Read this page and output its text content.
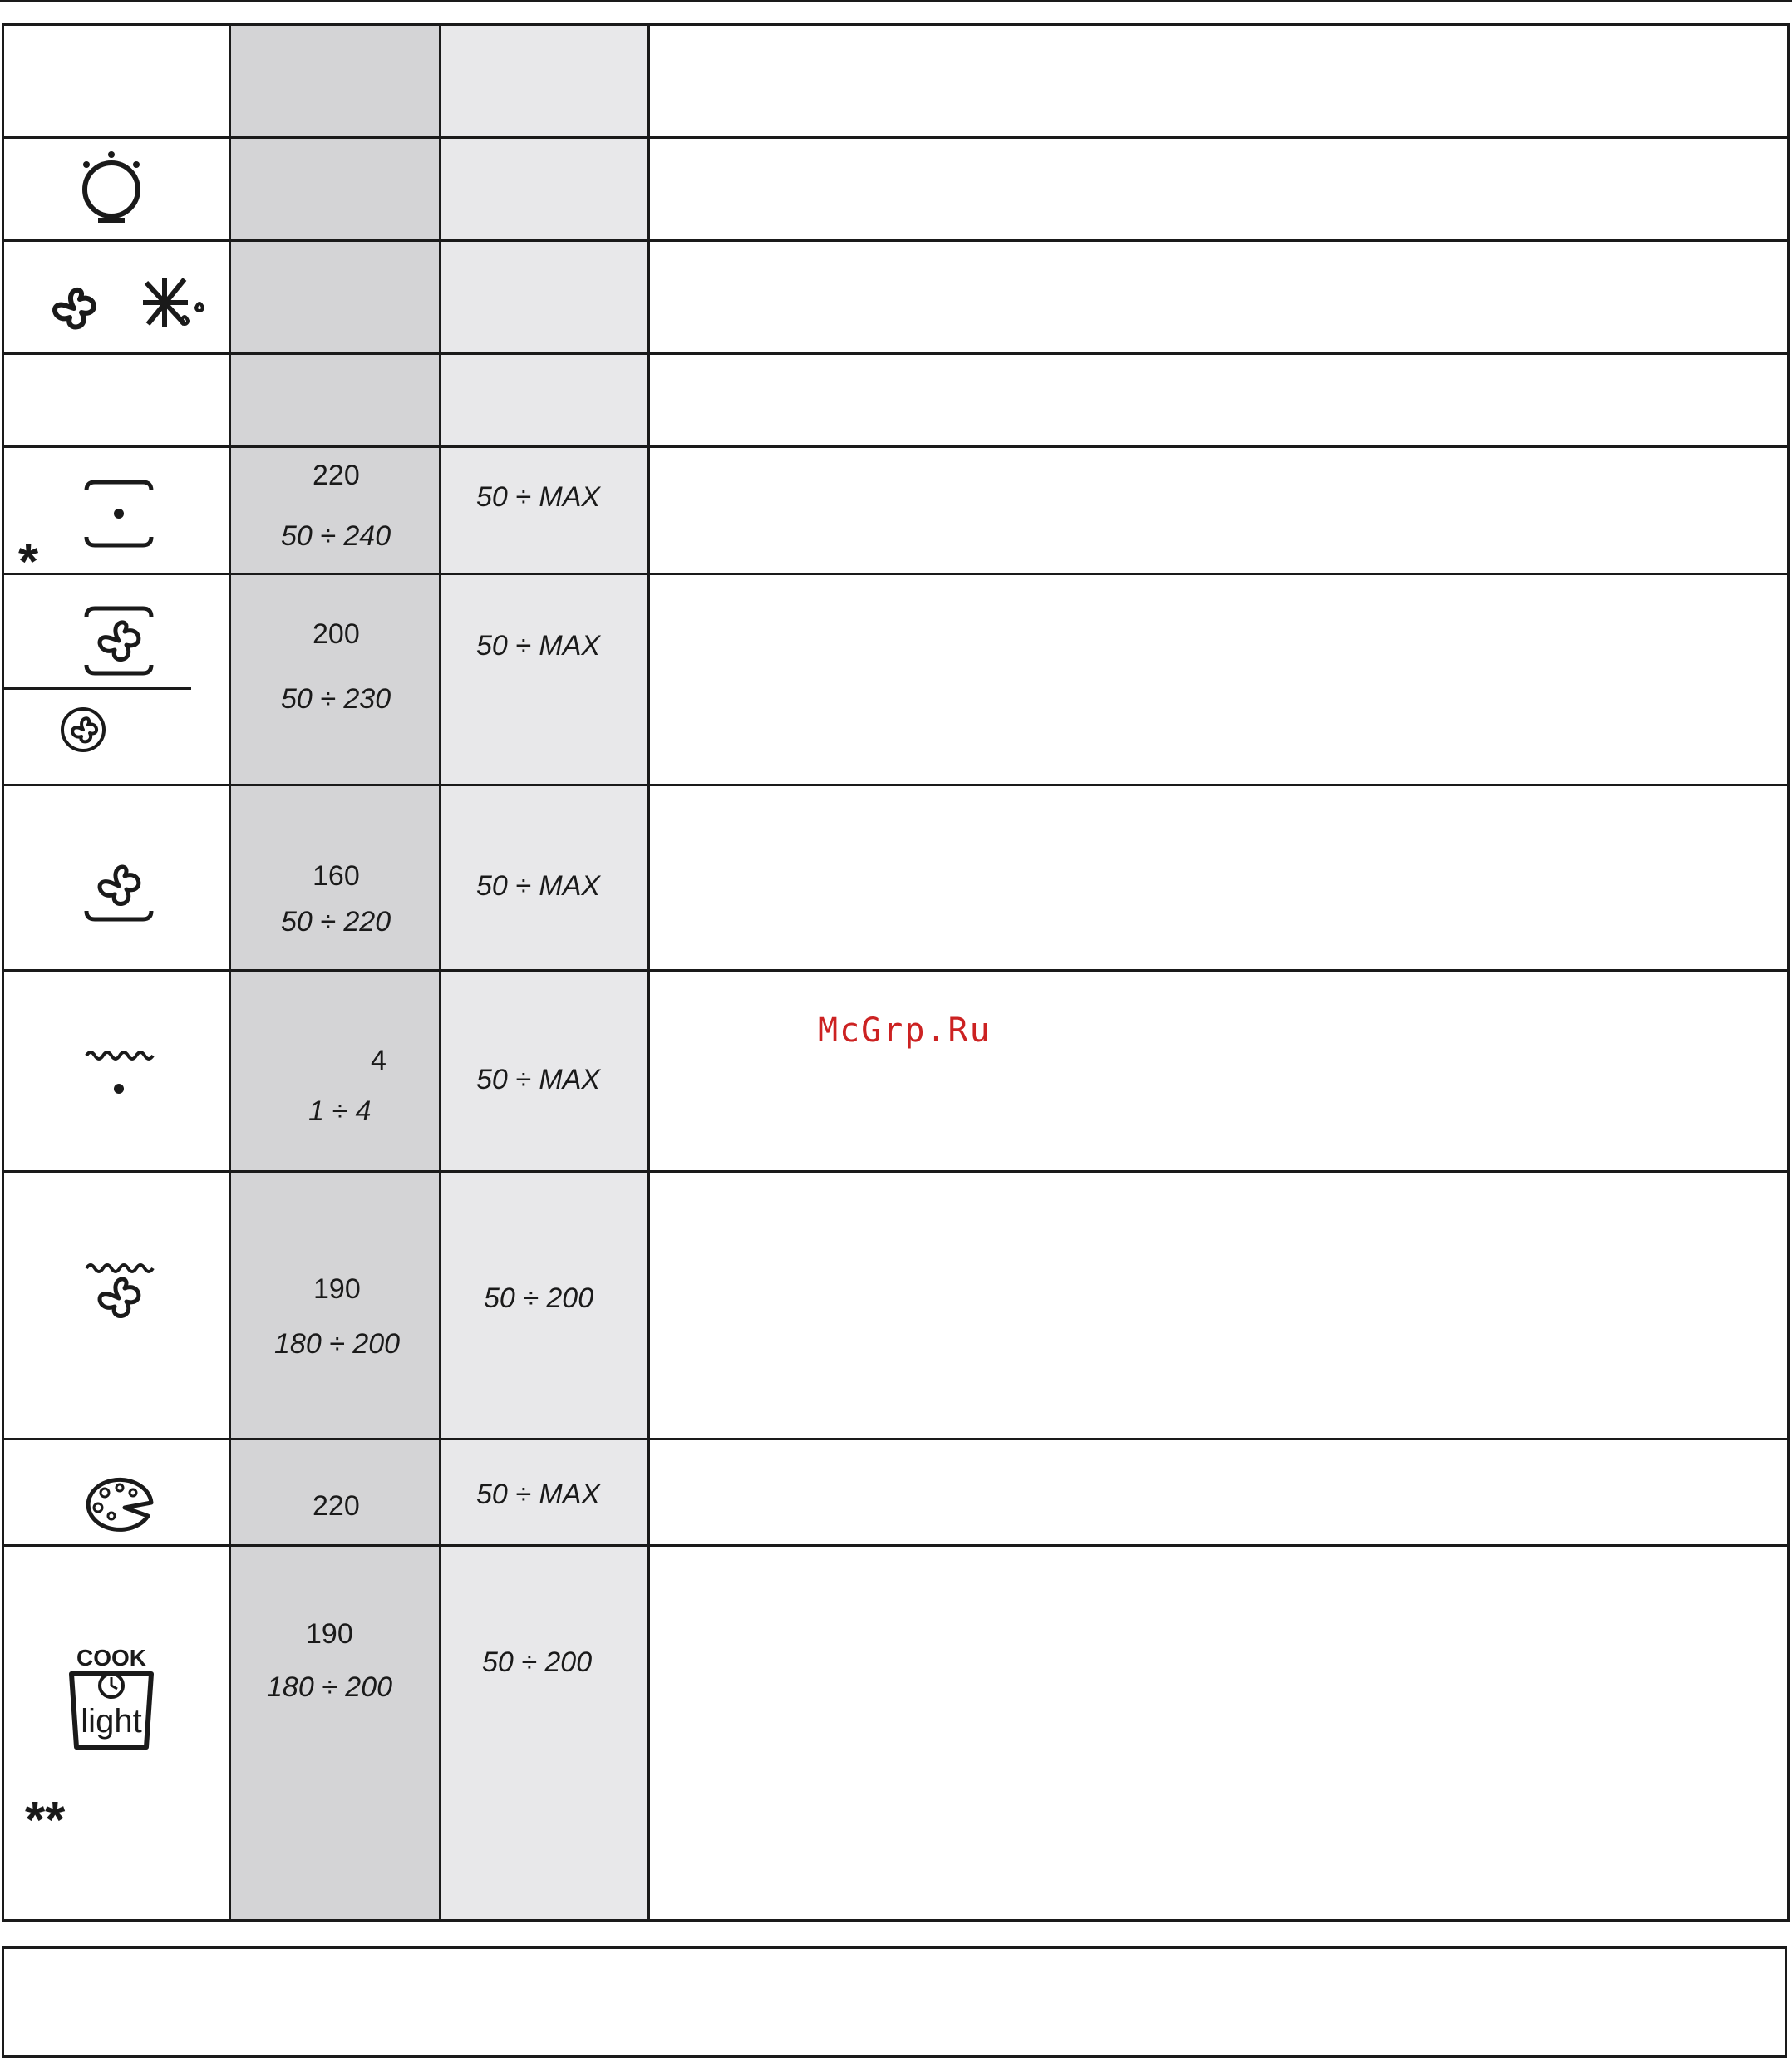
*
COOK
light
**
220
50 ÷ 240
200
50 ÷ 230
160
50 ÷ 220
4
1 ÷ 4
190
180 ÷ 200
220
190
180 ÷ 200
50 ÷ MAX
50 ÷ MAX
50 ÷ MAX
50 ÷ MAX
50 ÷ 200
50 ÷ MAX
50 ÷ 200
McGrp.Ru
